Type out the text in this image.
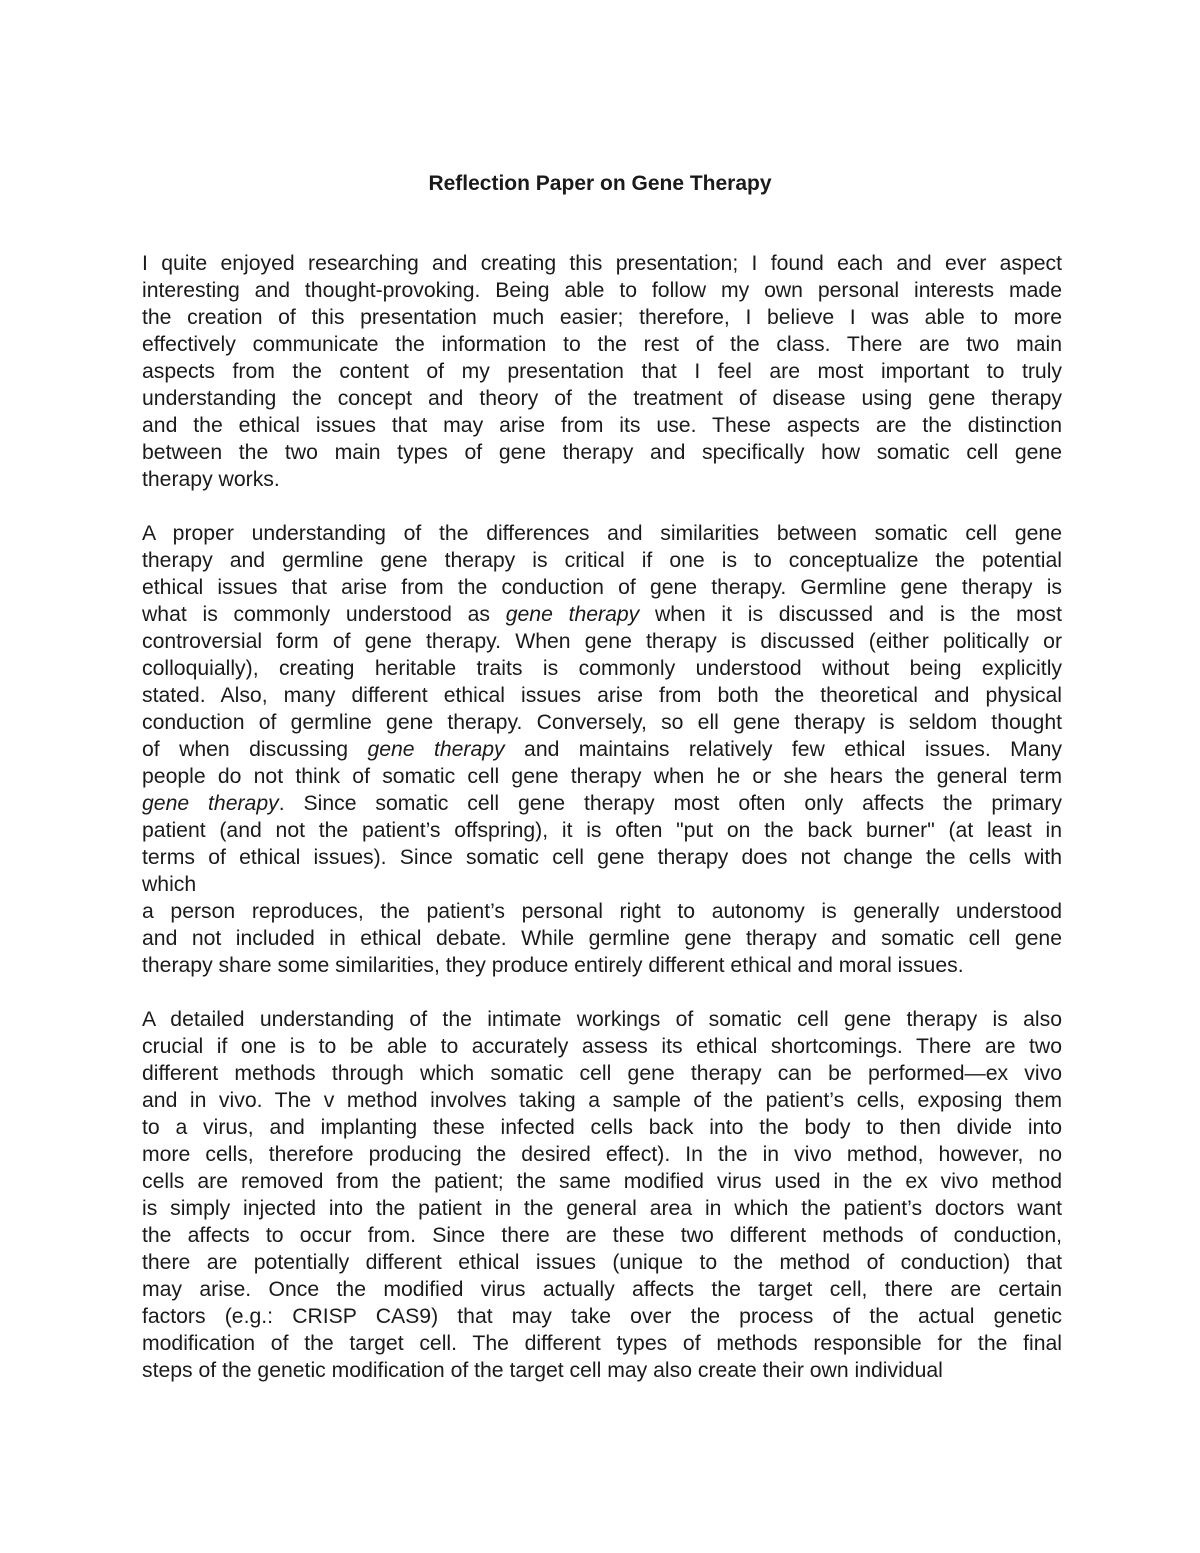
Reflection Paper on Gene Therapy
I quite enjoyed researching and creating this presentation; I found each and ever aspect
interesting and thought-provoking. Being able to follow my own personal interests made
the creation of this presentation much easier; therefore, I believe I was able to more
effectively communicate the information to the rest of the class. There are two main
aspects from the content of my presentation that I feel are most important to truly
understanding the concept and theory of the treatment of disease using gene therapy
and the ethical issues that may arise from its use. These aspects are the distinction
between the two main types of gene therapy and specifically how somatic cell gene
therapy works.
A proper understanding of the differences and similarities between somatic cell gene
therapy and germline gene therapy is critical if one is to conceptualize the potential
ethical issues that arise from the conduction of gene therapy. Germline gene therapy is
what is commonly understood as gene therapy when it is discussed and is the most
controversial form of gene therapy. When gene therapy is discussed (either politically or
colloquially), creating heritable traits is commonly understood without being explicitly
stated. Also, many different ethical issues arise from both the theoretical and physical
conduction of germline gene therapy. Conversely, so ell gene therapy is seldom thought
of when discussing gene therapy and maintains relatively few ethical issues. Many
people do not think of somatic cell gene therapy when he or she hears the general term
gene therapy. Since somatic cell gene therapy most often only affects the primary
patient (and not the patient’s offspring), it is often "put on the back burner" (at least in
terms of ethical issues). Since somatic cell gene therapy does not change the cells with
which
a person reproduces, the patient’s personal right to autonomy is generally understood
and not included in ethical debate. While germline gene therapy and somatic cell gene
therapy share some similarities, they produce entirely different ethical and moral issues.
A detailed understanding of the intimate workings of somatic cell gene therapy is also
crucial if one is to be able to accurately assess its ethical shortcomings. There are two
different methods through which somatic cell gene therapy can be performed—ex vivo
and in vivo. The v method involves taking a sample of the patient’s cells, exposing them
to a virus, and implanting these infected cells back into the body to then divide into
more cells, therefore producing the desired effect). In the in vivo method, however, no
cells are removed from the patient; the same modified virus used in the ex vivo method
is simply injected into the patient in the general area in which the patient’s doctors want
the affects to occur from. Since there are these two different methods of conduction,
there are potentially different ethical issues (unique to the method of conduction) that
may arise. Once the modified virus actually affects the target cell, there are certain
factors (e.g.: CRISP CAS9) that may take over the process of the actual genetic
modification of the target cell. The different types of methods responsible for the final
steps of the genetic modification of the target cell may also create their own individual
